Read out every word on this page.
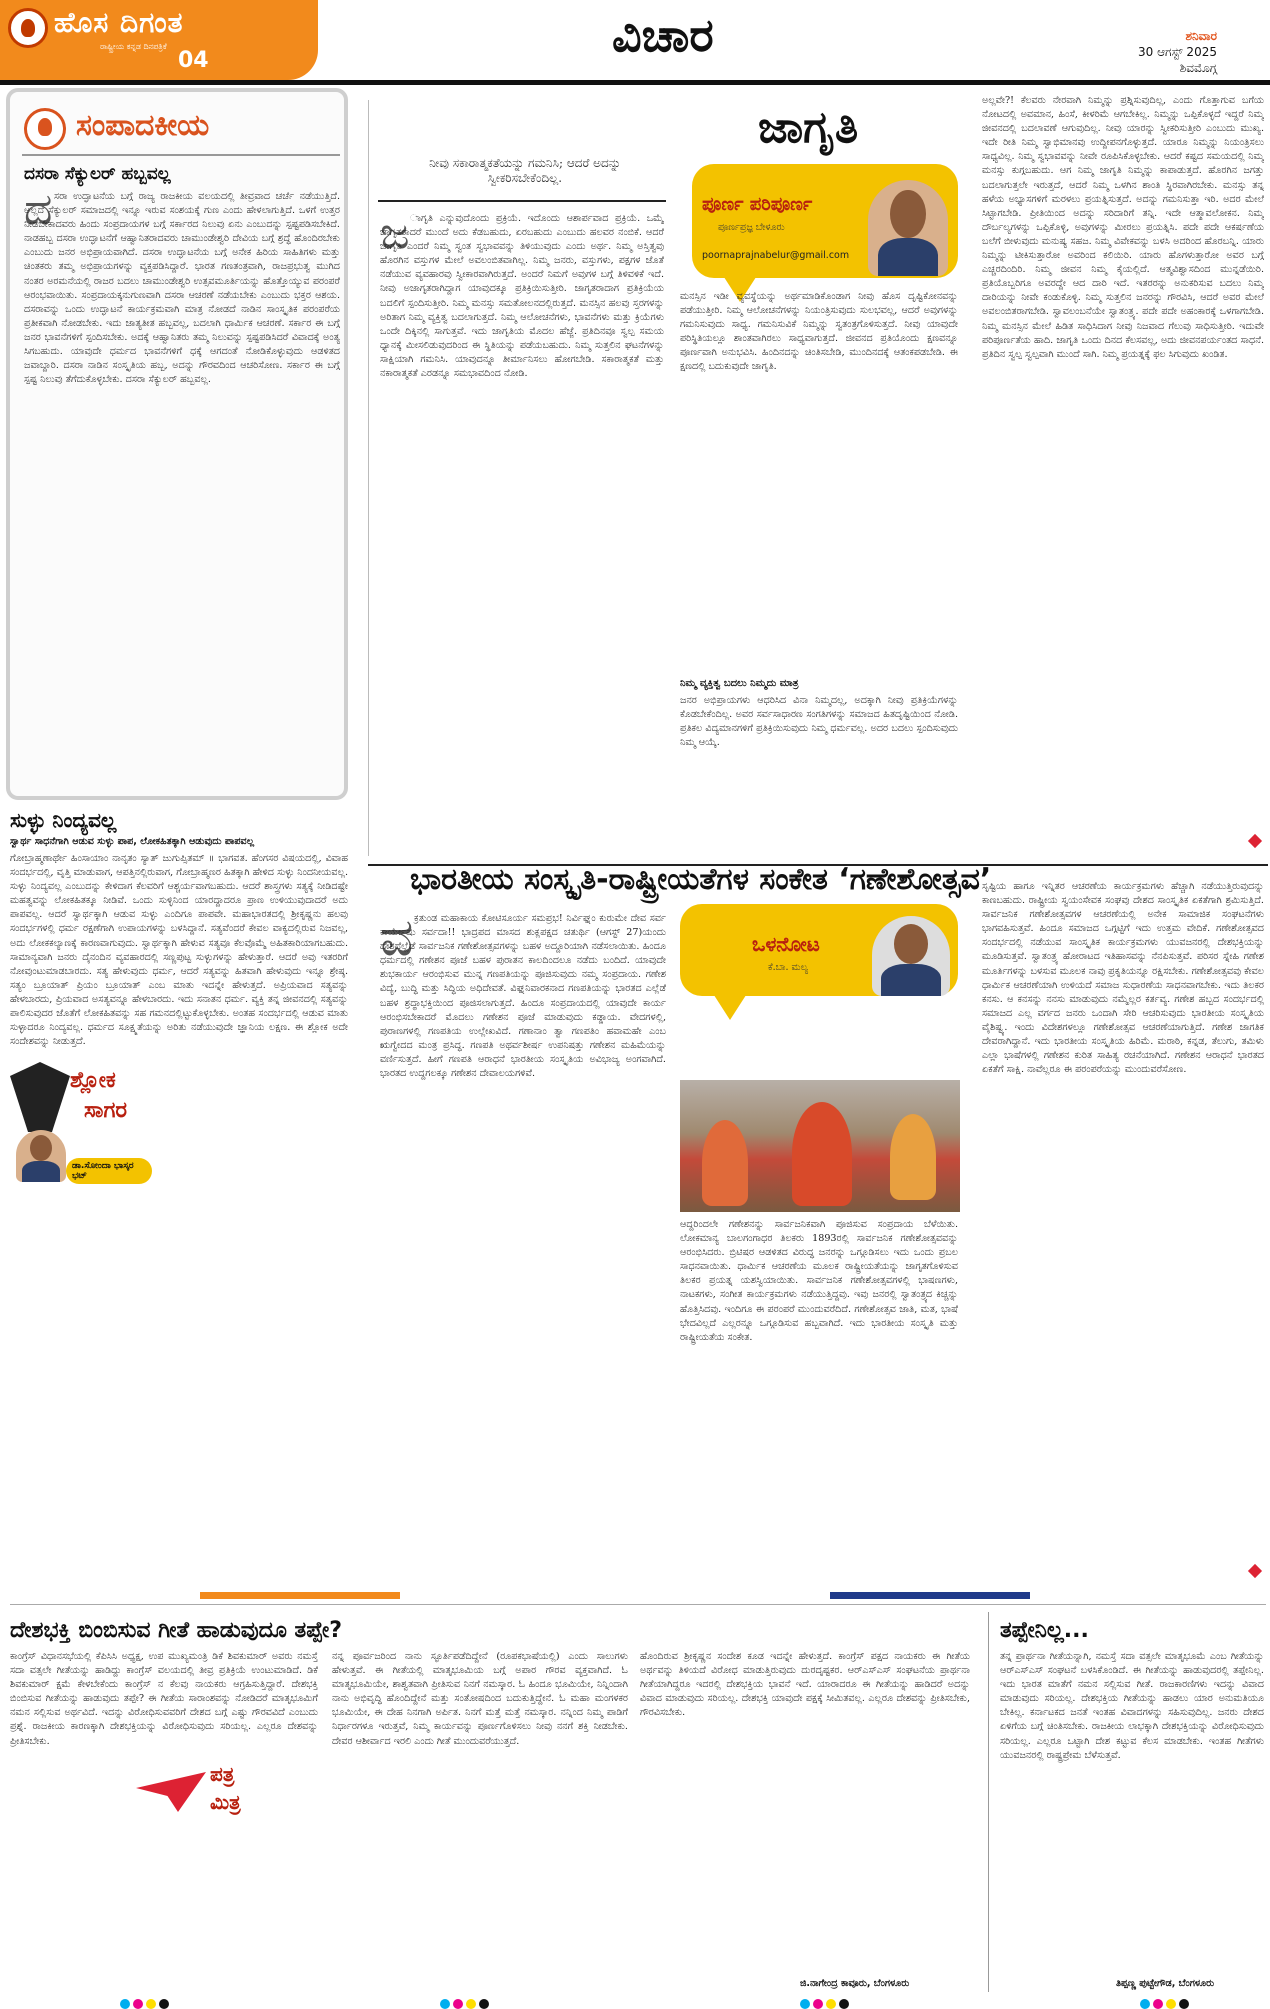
ಹೊಸ ದಿಗಂತ
ರಾಷ್ಟ್ರೀಯ ಕನ್ನಡ ದಿನಪತ್ರಿಕೆ
04	ವಿಚಾರ	ಶನಿವಾರ
30 ಆಗಸ್ಟ್ 2025
ಶಿವಮೊಗ್ಗ
ಸಂಪಾದಕೀಯ
ದಸರಾ ಸೆಕ್ಯುಲರ್ ಹಬ್ಬವಲ್ಲ
ದ ಸರಾ ಉದ್ಘಾಟನೆಯ ಬಗ್ಗೆ ರಾಜ್ಯ ರಾಜಕೀಯ ವಲಯದಲ್ಲಿ ತೀವ್ರವಾದ ಚರ್ಚೆ ನಡೆಯುತ್ತಿದೆ. ಅಲ್ಲದೆ ಸೆಕ್ಯುಲರ್ ಸಮಾಜದಲ್ಲಿ ಇನ್ನೂ ಇರುವ ಸಂಶಯಕ್ಕೆ ಗುಣ ಎಂದು ಹೇಳಲಾಗುತ್ತಿದೆ. ಒಳಗೆ ಉತ್ತರ ನೀಡಬೇಕಾದವರು ಹಿಂದು ಸಂಪ್ರದಾಯಗಳ ಬಗ್ಗೆ ಸರ್ಕಾರದ ನಿಲುವು ಏನು ಎಂಬುದನ್ನು ಸ್ಪಷ್ಟಪಡಿಸಬೇಕಿದೆ. ನಾಡಹಬ್ಬ ದಸರಾ ಉದ್ಘಾಟನೆಗೆ ಆಹ್ವಾನಿತರಾದವರು ಚಾಮುಂಡೇಶ್ವರಿ ದೇವಿಯ ಬಗ್ಗೆ ಶ್ರದ್ಧೆ ಹೊಂದಿರಬೇಕು ಎಂಬುದು ಜನರ ಅಭಿಪ್ರಾಯವಾಗಿದೆ. ದಸರಾ ಉದ್ಘಾಟನೆಯ ಬಗ್ಗೆ ಅನೇಕ ಹಿರಿಯ ಸಾಹಿತಿಗಳು ಮತ್ತು ಚಿಂತಕರು ತಮ್ಮ ಅಭಿಪ್ರಾಯಗಳನ್ನು ವ್ಯಕ್ತಪಡಿಸಿದ್ದಾರೆ. ಭಾರತ ಗಣತಂತ್ರವಾಗಿ, ರಾಜಪ್ರಭುತ್ವ ಮುಗಿದ ನಂತರ ಅರಮನೆಯಲ್ಲಿ ರಾಜರ ಬದಲು ಚಾಮುಂಡೇಶ್ವರಿ ಉತ್ಸವಮೂರ್ತಿಯನ್ನು ಹೊತ್ತೊಯ್ಯುವ ಪರಂಪರೆ ಆರಂಭವಾಯಿತು. ಸಂಪ್ರದಾಯಕ್ಕನುಗುಣವಾಗಿ ದಸರಾ ಆಚರಣೆ ನಡೆಯಬೇಕು ಎಂಬುದು ಭಕ್ತರ ಆಶಯ. ದಸರಾವನ್ನು ಒಂದು ಉದ್ಘಾಟನೆ ಕಾರ್ಯಕ್ರಮವಾಗಿ ಮಾತ್ರ ನೋಡದೆ ನಾಡಿನ ಸಾಂಸ್ಕೃತಿಕ ಪರಂಪರೆಯ ಪ್ರತೀಕವಾಗಿ ನೋಡಬೇಕು. ಇದು ಜಾತ್ಯತೀತ ಹಬ್ಬವಲ್ಲ, ಬದಲಾಗಿ ಧಾರ್ಮಿಕ ಆಚರಣೆ. ಸರ್ಕಾರ ಈ ಬಗ್ಗೆ ಜನರ ಭಾವನೆಗಳಿಗೆ ಸ್ಪಂದಿಸಬೇಕು. ಅದಕ್ಕೆ ಆಹ್ವಾನಿತರು ತಮ್ಮ ನಿಲುವನ್ನು ಸ್ಪಷ್ಟಪಡಿಸಿದರೆ ವಿವಾದಕ್ಕೆ ಅಂತ್ಯ ಸಿಗಬಹುದು. ಯಾವುದೇ ಧರ್ಮದ ಭಾವನೆಗಳಿಗೆ ಧಕ್ಕೆ ಆಗದಂತೆ ನೋಡಿಕೊಳ್ಳುವುದು ಆಡಳಿತದ ಜವಾಬ್ದಾರಿ. ದಸರಾ ನಾಡಿನ ಸಂಸ್ಕೃತಿಯ ಹಬ್ಬ, ಅದನ್ನು ಗೌರವದಿಂದ ಆಚರಿಸೋಣ. ಸರ್ಕಾರ ಈ ಬಗ್ಗೆ ಸ್ಪಷ್ಟ ನಿಲುವು ತೆಗೆದುಕೊಳ್ಳಬೇಕು. ದಸರಾ ಸೆಕ್ಯುಲರ್ ಹಬ್ಬವಲ್ಲ.
ಸುಳ್ಳು ನಿಂದ್ಯವಲ್ಲ
ಸ್ವಾರ್ಥ ಸಾಧನೆಗಾಗಿ ಆಡುವ ಸುಳ್ಳು ಪಾಪ, ಲೋಕಹಿತಕ್ಕಾಗಿ ಆಡುವುದು ಪಾಪವಲ್ಲ
ಶ್ಲೋಕ
ಸಾಗರ
ಡಾ.ಸೋಂದಾ ಭಾಸ್ಕರ ಭಟ್
ಗೋಬ್ರಾಹ್ಮಣಾರ್ಥೇ ಹಿಂಸಾಯಾಂ ನಾನೃತಂ ಸ್ಯಾತ್ ಜುಗುಪ್ಸಿತಮ್ ॥ ಭಾಗವತ. ಹೆಂಗಸರ ವಿಷಯದಲ್ಲಿ, ವಿವಾಹ ಸಂದರ್ಭದಲ್ಲಿ, ವೃತ್ತಿ ಮಾಡುವಾಗ, ಆಪತ್ತಿನಲ್ಲಿರುವಾಗ, ಗೋಬ್ರಾಹ್ಮಣರ ಹಿತಕ್ಕಾಗಿ ಹೇಳಿದ ಸುಳ್ಳು ನಿಂದನೀಯವಲ್ಲ. ಸುಳ್ಳು ನಿಂದ್ಯವಲ್ಲ ಎಂಬುದನ್ನು ಕೇಳಿದಾಗ ಕೆಲವರಿಗೆ ಆಶ್ಚರ್ಯವಾಗಬಹುದು. ಆದರೆ ಶಾಸ್ತ್ರಗಳು ಸತ್ಯಕ್ಕೆ ನೀಡಿದಷ್ಟೇ ಮಹತ್ವವನ್ನು ಲೋಕಹಿತಕ್ಕೂ ನೀಡಿವೆ. ಒಂದು ಸುಳ್ಳಿನಿಂದ ಯಾರದ್ದಾದರೂ ಪ್ರಾಣ ಉಳಿಯುವುದಾದರೆ ಅದು ಪಾಪವಲ್ಲ. ಆದರೆ ಸ್ವಾರ್ಥಕ್ಕಾಗಿ ಆಡುವ ಸುಳ್ಳು ಎಂದಿಗೂ ಪಾಪವೇ. ಮಹಾಭಾರತದಲ್ಲಿ ಶ್ರೀಕೃಷ್ಣನು ಹಲವು ಸಂದರ್ಭಗಳಲ್ಲಿ ಧರ್ಮ ರಕ್ಷಣೆಗಾಗಿ ಉಪಾಯಗಳನ್ನು ಬಳಸಿದ್ದಾನೆ. ಸತ್ಯವೆಂದರೆ ಕೇವಲ ವಾಕ್ಯದಲ್ಲಿರುವ ನಿಜವಲ್ಲ, ಅದು ಲೋಕಕಲ್ಯಾಣಕ್ಕೆ ಕಾರಣವಾಗುವುದು. ಸ್ವಾರ್ಥಕ್ಕಾಗಿ ಹೇಳುವ ಸತ್ಯವೂ ಕೆಲವೊಮ್ಮೆ ಅಹಿತಕಾರಿಯಾಗಬಹುದು. ಸಾಮಾನ್ಯವಾಗಿ ಜನರು ದೈನಂದಿನ ವ್ಯವಹಾರದಲ್ಲಿ ಸಣ್ಣಪುಟ್ಟ ಸುಳ್ಳುಗಳನ್ನು ಹೇಳುತ್ತಾರೆ. ಆದರೆ ಅವು ಇತರರಿಗೆ ನೋವುಂಟುಮಾಡಬಾರದು. ಸತ್ಯ ಹೇಳುವುದು ಧರ್ಮ, ಆದರೆ ಸತ್ಯವನ್ನು ಹಿತವಾಗಿ ಹೇಳುವುದು ಇನ್ನೂ ಶ್ರೇಷ್ಠ. ಸತ್ಯಂ ಬ್ರೂಯಾತ್ ಪ್ರಿಯಂ ಬ್ರೂಯಾತ್ ಎಂಬ ಮಾತು ಇದನ್ನೇ ಹೇಳುತ್ತದೆ. ಅಪ್ರಿಯವಾದ ಸತ್ಯವನ್ನು ಹೇಳಬಾರದು, ಪ್ರಿಯವಾದ ಅಸತ್ಯವನ್ನೂ ಹೇಳಬಾರದು. ಇದು ಸನಾತನ ಧರ್ಮ. ವ್ಯಕ್ತಿ ತನ್ನ ಜೀವನದಲ್ಲಿ ಸತ್ಯವನ್ನು ಪಾಲಿಸುವುದರ ಜೊತೆಗೆ ಲೋಕಹಿತವನ್ನು ಸಹ ಗಮನದಲ್ಲಿಟ್ಟುಕೊಳ್ಳಬೇಕು. ಅಂತಹ ಸಂದರ್ಭದಲ್ಲಿ ಆಡುವ ಮಾತು ಸುಳ್ಳಾದರೂ ನಿಂದ್ಯವಲ್ಲ. ಧರ್ಮದ ಸೂಕ್ಷ್ಮತೆಯನ್ನು ಅರಿತು ನಡೆಯುವುದೇ ಜ್ಞಾನಿಯ ಲಕ್ಷಣ. ಈ ಶ್ಲೋಕ ಅದೇ ಸಂದೇಶವನ್ನು ನೀಡುತ್ತದೆ.
ಜಾಗೃತಿ
ನೀವು ಸಕಾರಾತ್ಮಕತೆಯನ್ನು ಗಮನಿಸಿ; ಆದರೆ ಅದನ್ನು ಸ್ವೀಕರಿಸಬೇಕೆಂದಿಲ್ಲ.
ಪೂರ್ಣ ಪರಿಪೂರ್ಣ
ಪೂರ್ಣಪ್ರಜ್ಞ ಬೇಳೂರು
poornaprajnabelur@gmail.com
ಜ ಾಗೃತಿ ಎನ್ನುವುದೊಂದು ಪ್ರಕ್ರಿಯೆ. ಇದೊಂದು ಆಶಾರ್ಪವಾದ ಪ್ರಕ್ರಿಯೆ. ಒಮ್ಮೆ ಜಾಗೃತರಾದರೆ ಮುಂದೆ ಅದು ಕೆಡಬಹುದು, ಏರಬಹುದು ಎಂಬುದು ಹಲವರ ನಂಬಿಕೆ. ಆದರೆ ಜಾಗೃತಿ ಎಂದರೆ ನಿಮ್ಮ ಸ್ವಂತ ಸ್ವಭಾವವನ್ನು ತಿಳಿಯುವುದು ಎಂದು ಅರ್ಥ. ನಿಮ್ಮ ಅಸ್ತಿತ್ವವು ಹೊರಗಿನ ವಸ್ತುಗಳ ಮೇಲೆ ಅವಲಂಬಿತವಾಗಿಲ್ಲ. ನಿಮ್ಮ ಜನರು, ವಸ್ತುಗಳು, ಪಕ್ಷಗಳ ಜೊತೆ ನಡೆಯುವ ವ್ಯವಹಾರವು ಸ್ವೀಕಾರವಾಗಿರುತ್ತದೆ. ಅಂದರೆ ನಿಮಗೆ ಅವುಗಳ ಬಗ್ಗೆ ತಿಳಿವಳಿಕೆ ಇದೆ. ನೀವು ಅಜಾಗೃತರಾಗಿದ್ದಾಗ ಯಾವುದಕ್ಕೂ ಪ್ರತಿಕ್ರಿಯಿಸುತ್ತೀರಿ. ಜಾಗೃತರಾದಾಗ ಪ್ರತಿಕ್ರಿಯೆಯ ಬದಲಿಗೆ ಸ್ಪಂದಿಸುತ್ತೀರಿ. ನಿಮ್ಮ ಮನಸ್ಸು ಸಮತೋಲನದಲ್ಲಿರುತ್ತದೆ. ಮನಸ್ಸಿನ ಹಲವು ಸ್ತರಗಳನ್ನು ಅರಿತಾಗ ನಿಮ್ಮ ವ್ಯಕ್ತಿತ್ವ ಬದಲಾಗುತ್ತದೆ. ನಿಮ್ಮ ಆಲೋಚನೆಗಳು, ಭಾವನೆಗಳು ಮತ್ತು ಕ್ರಿಯೆಗಳು ಒಂದೇ ದಿಕ್ಕಿನಲ್ಲಿ ಸಾಗುತ್ತವೆ. ಇದು ಜಾಗೃತಿಯ ಮೊದಲ ಹೆಜ್ಜೆ. ಪ್ರತಿದಿನವೂ ಸ್ವಲ್ಪ ಸಮಯ ಧ್ಯಾನಕ್ಕೆ ಮೀಸಲಿಡುವುದರಿಂದ ಈ ಸ್ಥಿತಿಯನ್ನು ಪಡೆಯಬಹುದು. ನಿಮ್ಮ ಸುತ್ತಲಿನ ಘಟನೆಗಳನ್ನು ಸಾಕ್ಷಿಯಾಗಿ ಗಮನಿಸಿ. ಯಾವುದನ್ನೂ ತೀರ್ಮಾನಿಸಲು ಹೋಗಬೇಡಿ. ಸಕಾರಾತ್ಮಕತೆ ಮತ್ತು ನಕಾರಾತ್ಮಕತೆ ಎರಡನ್ನೂ ಸಮಭಾವದಿಂದ ನೋಡಿ.
ಮನಸ್ಸಿನ ಇಡೀ ವ್ಯವಸ್ಥೆಯನ್ನು ಅರ್ಥಮಾಡಿಕೊಂಡಾಗ ನೀವು ಹೊಸ ದೃಷ್ಟಿಕೋನವನ್ನು ಪಡೆಯುತ್ತೀರಿ. ನಿಮ್ಮ ಆಲೋಚನೆಗಳನ್ನು ನಿಯಂತ್ರಿಸುವುದು ಸುಲಭವಲ್ಲ, ಆದರೆ ಅವುಗಳನ್ನು ಗಮನಿಸುವುದು ಸಾಧ್ಯ. ಗಮನಿಸುವಿಕೆ ನಿಮ್ಮನ್ನು ಸ್ವತಂತ್ರಗೊಳಿಸುತ್ತದೆ. ನೀವು ಯಾವುದೇ ಪರಿಸ್ಥಿತಿಯಲ್ಲೂ ಶಾಂತವಾಗಿರಲು ಸಾಧ್ಯವಾಗುತ್ತದೆ. ಜೀವನದ ಪ್ರತಿಯೊಂದು ಕ್ಷಣವನ್ನೂ ಪೂರ್ಣವಾಗಿ ಅನುಭವಿಸಿ. ಹಿಂದಿನದನ್ನು ಚಿಂತಿಸಬೇಡಿ, ಮುಂದಿನದಕ್ಕೆ ಆತಂಕಪಡಬೇಡಿ. ಈ ಕ್ಷಣದಲ್ಲಿ ಬದುಕುವುದೇ ಜಾಗೃತಿ.
ನಿಮ್ಮ ವ್ಯಕ್ತಿತ್ವ ಬದಲು ನಿಮ್ಮದು ಮಾತ್ರ
ಜನರ ಅಭಿಪ್ರಾಯಗಳು ಆಧರಿಸಿದ ವಿನಾ ನಿಮ್ಮದಲ್ಲ, ಅದಕ್ಕಾಗಿ ನೀವು ಪ್ರತಿಕ್ರಿಯೆಗಳನ್ನು ಕೊಡಬೇಕೆಂದಿಲ್ಲ. ಅವರ ಸರ್ವಸಾಧಾರಣ ಸಂಗತಿಗಳನ್ನು ಸಮಾಜದ ಹಿತದೃಷ್ಟಿಯಿಂದ ನೋಡಿ. ಪ್ರತಿಕಲ ವಿದ್ಯಮಾನಗಳಿಗೆ ಪ್ರತಿಕ್ರಿಯಿಸುವುದು ನಿಮ್ಮ ಧರ್ಮವಲ್ಲ. ಅದರ ಬದಲು ಸ್ಪಂದಿಸುವುದು ನಿಮ್ಮ ಆಯ್ಕೆ.
ಅಲ್ಲವೇ?! ಕೆಲವರು ನೇರವಾಗಿ ನಿಮ್ಮನ್ನು ಪ್ರಶ್ನಿಸುವುದಿಲ್ಲ, ಎಂದು ಗೊತ್ತಾಗುವ ಬಗೆಯ ನೋಟದಲ್ಲಿ ಅವಮಾನ, ಹಿಂಸೆ, ಕೀಳರಿಮೆ ಆಗಬೇಕಿಲ್ಲ. ನಿಮ್ಮನ್ನು ಒಪ್ಪಿಕೊಳ್ಳದೆ ಇದ್ದರೆ ನಿಮ್ಮ ಜೀವನದಲ್ಲಿ ಬದಲಾವಣೆ ಆಗುವುದಿಲ್ಲ. ನೀವು ಯಾರನ್ನು ಸ್ವೀಕರಿಸುತ್ತೀರಿ ಎಂಬುದು ಮುಖ್ಯ. ಇದೇ ರೀತಿ ನಿಮ್ಮ ಸ್ವಾಭಿಮಾನವು ಉದ್ದೀಪನಗೊಳ್ಳುತ್ತದೆ. ಯಾರೂ ನಿಮ್ಮನ್ನು ನಿಯಂತ್ರಿಸಲು ಸಾಧ್ಯವಿಲ್ಲ. ನಿಮ್ಮ ಸ್ವಭಾವವನ್ನು ನೀವೇ ರೂಪಿಸಿಕೊಳ್ಳಬೇಕು. ಆದರೆ ಕಷ್ಟದ ಸಮಯದಲ್ಲಿ ನಿಮ್ಮ ಮನಸ್ಸು ಕುಗ್ಗಬಹುದು. ಆಗ ನಿಮ್ಮ ಜಾಗೃತಿ ನಿಮ್ಮನ್ನು ಕಾಪಾಡುತ್ತದೆ. ಹೊರಗಿನ ಜಗತ್ತು ಬದಲಾಗುತ್ತಲೇ ಇರುತ್ತದೆ, ಆದರೆ ನಿಮ್ಮ ಒಳಗಿನ ಶಾಂತಿ ಸ್ಥಿರವಾಗಿರಬೇಕು. ಮನಸ್ಸು ತನ್ನ ಹಳೆಯ ಅಭ್ಯಾಸಗಳಿಗೆ ಮರಳಲು ಪ್ರಯತ್ನಿಸುತ್ತದೆ. ಅದನ್ನು ಗಮನಿಸುತ್ತಾ ಇರಿ. ಅದರ ಮೇಲೆ ಸಿಟ್ಟಾಗಬೇಡಿ. ಪ್ರೀತಿಯಿಂದ ಅದನ್ನು ಸರಿದಾರಿಗೆ ತನ್ನಿ. ಇದೇ ಆತ್ಮಾವಲೋಕನ. ನಿಮ್ಮ ದೌರ್ಬಲ್ಯಗಳನ್ನು ಒಪ್ಪಿಕೊಳ್ಳಿ, ಅವುಗಳನ್ನು ಮೀರಲು ಪ್ರಯತ್ನಿಸಿ. ಪದೇ ಪದೇ ಆಕರ್ಷಣೆಯ ಬಲೆಗೆ ಬೀಳುವುದು ಮನುಷ್ಯ ಸಹಜ. ನಿಮ್ಮ ವಿವೇಕವನ್ನು ಬಳಸಿ ಅದರಿಂದ ಹೊರಬನ್ನಿ. ಯಾರು ನಿಮ್ಮನ್ನು ಟೀಕಿಸುತ್ತಾರೋ ಅವರಿಂದ ಕಲಿಯಿರಿ. ಯಾರು ಹೊಗಳುತ್ತಾರೋ ಅವರ ಬಗ್ಗೆ ಎಚ್ಚರದಿಂದಿರಿ. ನಿಮ್ಮ ಜೀವನ ನಿಮ್ಮ ಕೈಯಲ್ಲಿದೆ. ಆತ್ಮವಿಶ್ವಾಸದಿಂದ ಮುನ್ನಡೆಯಿರಿ. ಪ್ರತಿಯೊಬ್ಬರಿಗೂ ಅವರದ್ದೇ ಆದ ದಾರಿ ಇದೆ. ಇತರರನ್ನು ಅನುಕರಿಸುವ ಬದಲು ನಿಮ್ಮ ದಾರಿಯನ್ನು ನೀವೇ ಕಂಡುಕೊಳ್ಳಿ. ನಿಮ್ಮ ಸುತ್ತಲಿನ ಜನರನ್ನು ಗೌರವಿಸಿ, ಆದರೆ ಅವರ ಮೇಲೆ ಅವಲಂಬಿತರಾಗಬೇಡಿ. ಸ್ವಾವಲಂಬನೆಯೇ ಸ್ವಾತಂತ್ರ್ಯ. ಪದೇ ಪದೇ ಅಹಂಕಾರಕ್ಕೆ ಒಳಗಾಗಬೇಡಿ. ನಿಮ್ಮ ಮನಸ್ಸಿನ ಮೇಲೆ ಹಿಡಿತ ಸಾಧಿಸಿದಾಗ ನೀವು ನಿಜವಾದ ಗೆಲುವು ಸಾಧಿಸುತ್ತೀರಿ. ಇದುವೇ ಪರಿಪೂರ್ಣತೆಯ ಹಾದಿ. ಜಾಗೃತಿ ಒಂದು ದಿನದ ಕೆಲಸವಲ್ಲ, ಅದು ಜೀವನಪರ್ಯಂತದ ಸಾಧನೆ. ಪ್ರತಿದಿನ ಸ್ವಲ್ಪ ಸ್ವಲ್ಪವಾಗಿ ಮುಂದೆ ಸಾಗಿ. ನಿಮ್ಮ ಪ್ರಯತ್ನಕ್ಕೆ ಫಲ ಸಿಗುವುದು ಖಂಡಿತ.
ಭಾರತೀಯ ಸಂಸ್ಕೃತಿ-ರಾಷ್ಟ್ರೀಯತೆಗಳ ಸಂಕೇತ ‘ಗಣೇಶೋತ್ಸವ’
ಒಳನೋಟ
ಕೆ.ಬಾ. ಮಲ್ಯ
ವ ಕ್ರತುಂಡ ಮಹಾಕಾಯ ಕೋಟಿಸೂರ್ಯ ಸಮಪ್ರಭ! ನಿರ್ವಿಘ್ನಂ ಕುರುಮೇ ದೇವ ಸರ್ವ ಕಾರ್ಯೇಷು ಸರ್ವದಾ!! ಭಾದ್ರಪದ ಮಾಸದ ಶುಕ್ಲಪಕ್ಷದ ಚತುರ್ಥಿ (ಆಗಸ್ಟ್ 27)ಯಂದು ದೇಶದೆಲ್ಲೆಡೆ ಸಾರ್ವಜನಿಕ ಗಣೇಶೋತ್ಸವಗಳನ್ನು ಬಹಳ ಅದ್ದೂರಿಯಾಗಿ ನಡೆಸಲಾಯಿತು. ಹಿಂದೂ ಧರ್ಮದಲ್ಲಿ ಗಣೇಶನ ಪೂಜೆ ಬಹಳ ಪುರಾತನ ಕಾಲದಿಂದಲೂ ನಡೆದು ಬಂದಿದೆ. ಯಾವುದೇ ಶುಭಕಾರ್ಯ ಆರಂಭಿಸುವ ಮುನ್ನ ಗಣಪತಿಯನ್ನು ಪೂಜಿಸುವುದು ನಮ್ಮ ಸಂಪ್ರದಾಯ. ಗಣೇಶ ವಿದ್ಯೆ, ಬುದ್ಧಿ ಮತ್ತು ಸಿದ್ಧಿಯ ಅಧಿದೇವತೆ. ವಿಘ್ನನಿವಾರಕನಾದ ಗಣಪತಿಯನ್ನು ಭಾರತದ ಎಲ್ಲೆಡೆ ಬಹಳ ಶ್ರದ್ಧಾಭಕ್ತಿಯಿಂದ ಪೂಜಿಸಲಾಗುತ್ತದೆ. ಹಿಂದೂ ಸಂಪ್ರದಾಯದಲ್ಲಿ ಯಾವುದೇ ಕಾರ್ಯ ಆರಂಭಿಸಬೇಕಾದರೆ ಮೊದಲು ಗಣೇಶನ ಪೂಜೆ ಮಾಡುವುದು ಕಡ್ಡಾಯ. ವೇದಗಳಲ್ಲಿ, ಪುರಾಣಗಳಲ್ಲಿ ಗಣಪತಿಯ ಉಲ್ಲೇಖವಿದೆ. ಗಣಾನಾಂ ತ್ವಾ ಗಣಪತಿಂ ಹವಾಮಹೇ ಎಂಬ ಋಗ್ವೇದದ ಮಂತ್ರ ಪ್ರಸಿದ್ಧ. ಗಣಪತಿ ಅಥರ್ವಶೀರ್ಷ ಉಪನಿಷತ್ತು ಗಣೇಶನ ಮಹಿಮೆಯನ್ನು ವರ್ಣಿಸುತ್ತದೆ. ಹೀಗೆ ಗಣಪತಿ ಆರಾಧನೆ ಭಾರತೀಯ ಸಂಸ್ಕೃತಿಯ ಅವಿಭಾಜ್ಯ ಅಂಗವಾಗಿದೆ. ಭಾರತದ ಉದ್ದಗಲಕ್ಕೂ ಗಣೇಶನ ದೇವಾಲಯಗಳಿವೆ.
ಆದ್ದರಿಂದಲೇ ಗಣೇಶನನ್ನು ಸಾರ್ವಜನಿಕವಾಗಿ ಪೂಜಿಸುವ ಸಂಪ್ರದಾಯ ಬೆಳೆಯಿತು. ಲೋಕಮಾನ್ಯ ಬಾಲಗಂಗಾಧರ ತಿಲಕರು 1893ರಲ್ಲಿ ಸಾರ್ವಜನಿಕ ಗಣೇಶೋತ್ಸವವನ್ನು ಆರಂಭಿಸಿದರು. ಬ್ರಿಟಿಷರ ಆಡಳಿತದ ವಿರುದ್ಧ ಜನರನ್ನು ಒಗ್ಗೂಡಿಸಲು ಇದು ಒಂದು ಪ್ರಬಲ ಸಾಧನವಾಯಿತು. ಧಾರ್ಮಿಕ ಆಚರಣೆಯ ಮೂಲಕ ರಾಷ್ಟ್ರೀಯತೆಯನ್ನು ಜಾಗೃತಗೊಳಿಸುವ ತಿಲಕರ ಪ್ರಯತ್ನ ಯಶಸ್ವಿಯಾಯಿತು. ಸಾರ್ವಜನಿಕ ಗಣೇಶೋತ್ಸವಗಳಲ್ಲಿ ಭಾಷಣಗಳು, ನಾಟಕಗಳು, ಸಂಗೀತ ಕಾರ್ಯಕ್ರಮಗಳು ನಡೆಯುತ್ತಿದ್ದವು. ಇವು ಜನರಲ್ಲಿ ಸ್ವಾತಂತ್ರ್ಯದ ಕಿಚ್ಚನ್ನು ಹೊತ್ತಿಸಿದವು. ಇಂದಿಗೂ ಈ ಪರಂಪರೆ ಮುಂದುವರೆದಿದೆ. ಗಣೇಶೋತ್ಸವ ಜಾತಿ, ಮತ, ಭಾಷೆ ಭೇದವಿಲ್ಲದೆ ಎಲ್ಲರನ್ನೂ ಒಗ್ಗೂಡಿಸುವ ಹಬ್ಬವಾಗಿದೆ. ಇದು ಭಾರತೀಯ ಸಂಸ್ಕೃತಿ ಮತ್ತು ರಾಷ್ಟ್ರೀಯತೆಯ ಸಂಕೇತ.
ಸೃಷ್ಟಿಯ ಹಾಗೂ ಇನ್ನಿತರ ಆಚರಣೆಯ ಕಾರ್ಯಕ್ರಮಗಳು ಹೆಚ್ಚಾಗಿ ನಡೆಯುತ್ತಿರುವುದನ್ನು ಕಾಣಬಹುದು. ರಾಷ್ಟ್ರೀಯ ಸ್ವಯಂಸೇವಕ ಸಂಘವು ದೇಶದ ಸಾಂಸ್ಕೃತಿಕ ಏಕತೆಗಾಗಿ ಶ್ರಮಿಸುತ್ತಿದೆ. ಸಾರ್ವಜನಿಕ ಗಣೇಶೋತ್ಸವಗಳ ಆಚರಣೆಯಲ್ಲಿ ಅನೇಕ ಸಾಮಾಜಿಕ ಸಂಘಟನೆಗಳು ಭಾಗವಹಿಸುತ್ತವೆ. ಹಿಂದೂ ಸಮಾಜದ ಒಗ್ಗಟ್ಟಿಗೆ ಇದು ಉತ್ತಮ ವೇದಿಕೆ. ಗಣೇಶೋತ್ಸವದ ಸಂದರ್ಭದಲ್ಲಿ ನಡೆಯುವ ಸಾಂಸ್ಕೃತಿಕ ಕಾರ್ಯಕ್ರಮಗಳು ಯುವಜನರಲ್ಲಿ ದೇಶಭಕ್ತಿಯನ್ನು ಮೂಡಿಸುತ್ತವೆ. ಸ್ವಾತಂತ್ರ್ಯ ಹೋರಾಟದ ಇತಿಹಾಸವನ್ನು ನೆನಪಿಸುತ್ತವೆ. ಪರಿಸರ ಸ್ನೇಹಿ ಗಣೇಶ ಮೂರ್ತಿಗಳನ್ನು ಬಳಸುವ ಮೂಲಕ ನಾವು ಪ್ರಕೃತಿಯನ್ನೂ ರಕ್ಷಿಸಬೇಕು. ಗಣೇಶೋತ್ಸವವು ಕೇವಲ ಧಾರ್ಮಿಕ ಆಚರಣೆಯಾಗಿ ಉಳಿಯದೆ ಸಮಾಜ ಸುಧಾರಣೆಯ ಸಾಧನವಾಗಬೇಕು. ಇದು ತಿಲಕರ ಕನಸು. ಆ ಕನಸನ್ನು ನನಸು ಮಾಡುವುದು ನಮ್ಮೆಲ್ಲರ ಕರ್ತವ್ಯ. ಗಣೇಶ ಹಬ್ಬದ ಸಂದರ್ಭದಲ್ಲಿ ಸಮಾಜದ ಎಲ್ಲ ವರ್ಗದ ಜನರು ಒಂದಾಗಿ ಸೇರಿ ಆಚರಿಸುವುದು ಭಾರತೀಯ ಸಂಸ್ಕೃತಿಯ ವೈಶಿಷ್ಟ್ಯ. ಇಂದು ವಿದೇಶಗಳಲ್ಲೂ ಗಣೇಶೋತ್ಸವ ಆಚರಣೆಯಾಗುತ್ತಿದೆ. ಗಣೇಶ ಜಾಗತಿಕ ದೇವರಾಗಿದ್ದಾನೆ. ಇದು ಭಾರತೀಯ ಸಂಸ್ಕೃತಿಯ ಹಿರಿಮೆ. ಮರಾಠಿ, ಕನ್ನಡ, ತೆಲುಗು, ತಮಿಳು ಎಲ್ಲಾ ಭಾಷೆಗಳಲ್ಲಿ ಗಣೇಶನ ಕುರಿತ ಸಾಹಿತ್ಯ ರಚನೆಯಾಗಿದೆ. ಗಣೇಶನ ಆರಾಧನೆ ಭಾರತದ ಏಕತೆಗೆ ಸಾಕ್ಷಿ. ನಾವೆಲ್ಲರೂ ಈ ಪರಂಪರೆಯನ್ನು ಮುಂದುವರೆಸೋಣ.
ದೇಶಭಕ್ತಿ ಬಿಂಬಿಸುವ ಗೀತೆ ಹಾಡುವುದೂ ತಪ್ಪೇ?
ಪತ್ರ
ಮಿತ್ರ
ಕಾಂಗ್ರೆಸ್ ವಿಧಾನಸಭೆಯಲ್ಲಿ ಕೆಪಿಸಿಸಿ ಅಧ್ಯಕ್ಷ, ಉಪ ಮುಖ್ಯಮಂತ್ರಿ ಡಿಕೆ ಶಿವಕುಮಾರ್ ಅವರು ನಮಸ್ತೆ ಸದಾ ವತ್ಸಲೇ ಗೀತೆಯನ್ನು ಹಾಡಿದ್ದು ಕಾಂಗ್ರೆಸ್ ವಲಯದಲ್ಲಿ ತೀವ್ರ ಪ್ರತಿಕ್ರಿಯೆ ಉಂಟುಮಾಡಿದೆ. ಡಿಕೆ ಶಿವಕುಮಾರ್ ಕ್ಷಮೆ ಕೇಳಬೇಕೆಂದು ಕಾಂಗ್ರೆಸ್ ನ ಕೆಲವು ನಾಯಕರು ಆಗ್ರಹಿಸುತ್ತಿದ್ದಾರೆ. ದೇಶಭಕ್ತಿ ಬಿಂಬಿಸುವ ಗೀತೆಯನ್ನು ಹಾಡುವುದು ತಪ್ಪೇ? ಈ ಗೀತೆಯ ಸಾರಾಂಶವನ್ನು ನೋಡಿದರೆ ಮಾತೃಭೂಮಿಗೆ ನಮನ ಸಲ್ಲಿಸುವ ಅರ್ಥವಿದೆ. ಇದನ್ನು ವಿರೋಧಿಸುವವರಿಗೆ ದೇಶದ ಬಗ್ಗೆ ಎಷ್ಟು ಗೌರವವಿದೆ ಎಂಬುದು ಪ್ರಶ್ನೆ. ರಾಜಕೀಯ ಕಾರಣಕ್ಕಾಗಿ ದೇಶಭಕ್ತಿಯನ್ನು ವಿರೋಧಿಸುವುದು ಸರಿಯಲ್ಲ. ಎಲ್ಲರೂ ದೇಶವನ್ನು ಪ್ರೀತಿಸಬೇಕು.
ನನ್ನ ಪೂರ್ವಜರಿಂದ ನಾನು ಸ್ಫೂರ್ತಿಪಡೆದಿದ್ದೇನೆ (ರೂಪಕಭಾಷೆಯಲ್ಲಿ) ಎಂದು ಸಾಲುಗಳು ಹೇಳುತ್ತವೆ. ಈ ಗೀತೆಯಲ್ಲಿ ಮಾತೃಭೂಮಿಯ ಬಗ್ಗೆ ಅಪಾರ ಗೌರವ ವ್ಯಕ್ತವಾಗಿದೆ. ಓ ಮಾತೃಭೂಮಿಯೇ, ಶಾಶ್ವತವಾಗಿ ಪ್ರೀತಿಸುವ ನಿನಗೆ ನಮಸ್ಕಾರ. ಓ ಹಿಂದೂ ಭೂಮಿಯೇ, ನಿನ್ನಿಂದಾಗಿ ನಾನು ಅಭಿವೃದ್ಧಿ ಹೊಂದಿದ್ದೇನೆ ಮತ್ತು ಸಂತೋಷದಿಂದ ಬದುಕುತ್ತಿದ್ದೇನೆ. ಓ ಮಹಾ ಮಂಗಳಕರ ಭೂಮಿಯೇ, ಈ ದೇಹ ನಿನಗಾಗಿ ಅರ್ಪಿತ. ನಿನಗೆ ಮತ್ತೆ ಮತ್ತೆ ನಮಸ್ಕಾರ. ನನ್ನಿಂದ ನಿಮ್ಮ ಪಾಡಿಗೆ ನಿರ್ಧಾರಗಳೂ ಇರುತ್ತವೆ, ನಿಮ್ಮ ಕಾರ್ಯವನ್ನು ಪೂರ್ಣಗೊಳಿಸಲು ನೀವು ನನಗೆ ಶಕ್ತಿ ನೀಡಬೇಕು. ದೇವರ ಆಶೀರ್ವಾದ ಇರಲಿ ಎಂದು ಗೀತೆ ಮುಂದುವರೆಯುತ್ತದೆ.
ಹೊಂದಿರುವ ಶ್ರೀಕೃಷ್ಣನ ಸಂದೇಶ ಕೂಡ ಇದನ್ನೇ ಹೇಳುತ್ತದೆ. ಕಾಂಗ್ರೆಸ್ ಪಕ್ಷದ ನಾಯಕರು ಈ ಗೀತೆಯ ಅರ್ಥವನ್ನು ತಿಳಿಯದೆ ವಿರೋಧ ಮಾಡುತ್ತಿರುವುದು ದುರದೃಷ್ಟಕರ. ಆರ್‌ಎಸ್‌ಎಸ್ ಸಂಘಟನೆಯ ಪ್ರಾರ್ಥನಾ ಗೀತೆಯಾಗಿದ್ದರೂ ಇದರಲ್ಲಿ ದೇಶಭಕ್ತಿಯ ಭಾವನೆ ಇದೆ. ಯಾರಾದರೂ ಈ ಗೀತೆಯನ್ನು ಹಾಡಿದರೆ ಅದನ್ನು ವಿವಾದ ಮಾಡುವುದು ಸರಿಯಲ್ಲ. ದೇಶಭಕ್ತಿ ಯಾವುದೇ ಪಕ್ಷಕ್ಕೆ ಸೀಮಿತವಲ್ಲ. ಎಲ್ಲರೂ ದೇಶವನ್ನು ಪ್ರೀತಿಸಬೇಕು, ಗೌರವಿಸಬೇಕು.
ಜಿ.ನಾಗೇಂದ್ರ ಕಾವೂರು, ಬೆಂಗಳೂರು
ತಪ್ಪೇನಿಲ್ಲ...
ತನ್ನ ಪ್ರಾರ್ಥನಾ ಗೀತೆಯನ್ನಾಗಿ, ನಮಸ್ತೆ ಸದಾ ವತ್ಸಲೇ ಮಾತೃಭೂಮೆ ಎಂಬ ಗೀತೆಯನ್ನು ಆರ್‌ಎಸ್‌ಎಸ್ ಸಂಘಟನೆ ಬಳಸಿಕೊಂಡಿದೆ. ಈ ಗೀತೆಯನ್ನು ಹಾಡುವುದರಲ್ಲಿ ತಪ್ಪೇನಿಲ್ಲ. ಇದು ಭಾರತ ಮಾತೆಗೆ ನಮನ ಸಲ್ಲಿಸುವ ಗೀತೆ. ರಾಜಕಾರಣಿಗಳು ಇದನ್ನು ವಿವಾದ ಮಾಡುವುದು ಸರಿಯಲ್ಲ. ದೇಶಭಕ್ತಿಯ ಗೀತೆಯನ್ನು ಹಾಡಲು ಯಾರ ಅನುಮತಿಯೂ ಬೇಕಿಲ್ಲ. ಕರ್ನಾಟಕದ ಜನತೆ ಇಂತಹ ವಿವಾದಗಳನ್ನು ಸಹಿಸುವುದಿಲ್ಲ. ಜನರು ದೇಶದ ಏಳಿಗೆಯ ಬಗ್ಗೆ ಚಿಂತಿಸಬೇಕು. ರಾಜಕೀಯ ಲಾಭಕ್ಕಾಗಿ ದೇಶಭಕ್ತಿಯನ್ನು ವಿರೋಧಿಸುವುದು ಸರಿಯಲ್ಲ. ಎಲ್ಲರೂ ಒಟ್ಟಾಗಿ ದೇಶ ಕಟ್ಟುವ ಕೆಲಸ ಮಾಡಬೇಕು. ಇಂತಹ ಗೀತೆಗಳು ಯುವಜನರಲ್ಲಿ ರಾಷ್ಟ್ರಪ್ರೇಮ ಬೆಳೆಸುತ್ತವೆ.
ತಿಪ್ಪಣ್ಣ ಪುಟ್ಟೇಗೌಡ, ಬೆಂಗಳೂರು
